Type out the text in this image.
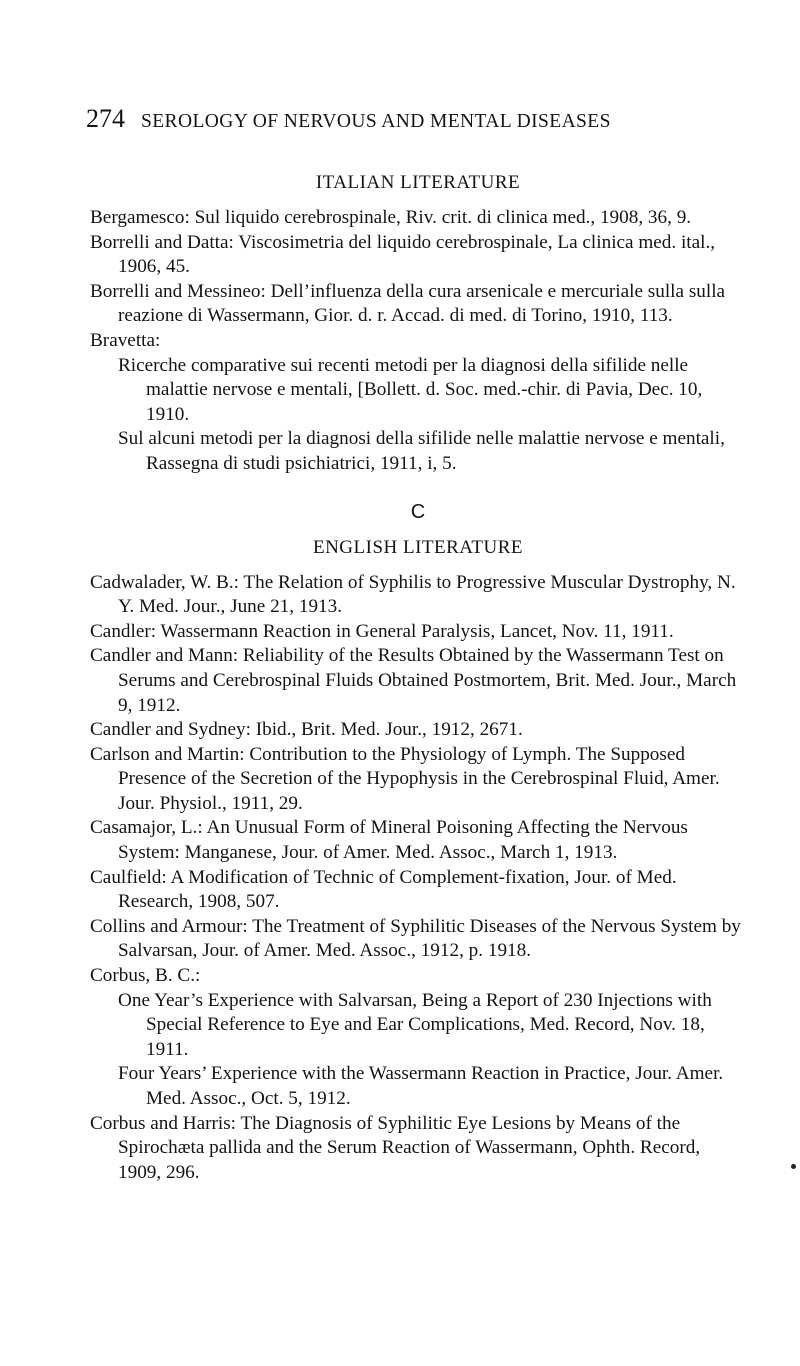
274 SEROLOGY OF NERVOUS AND MENTAL DISEASES
ITALIAN LITERATURE
Bergamesco: Sul liquido cerebrospinale, Riv. crit. di clinica med., 1908, 36, 9.
Borrelli and Datta: Viscosimetria del liquido cerebrospinale, La clinica med. ital., 1906, 45.
Borrelli and Messineo: Dell’influenza della cura arsenicale e mercuriale sulla sulla reazione di Wassermann, Gior. d. r. Accad. di med. di Torino, 1910, 113.
Bravetta:
Ricerche comparative sui recenti metodi per la diagnosi della sifilide nelle malattie nervose e mentali, [Bollett. d. Soc. med.-chir. di Pavia, Dec. 10, 1910.
Sul alcuni metodi per la diagnosi della sifilide nelle malattie nervose e mentali, Rassegna di studi psichiatrici, 1911, i, 5.
C
ENGLISH LITERATURE
Cadwalader, W. B.: The Relation of Syphilis to Progressive Muscular Dystrophy, N. Y. Med. Jour., June 21, 1913.
Candler: Wassermann Reaction in General Paralysis, Lancet, Nov. 11, 1911.
Candler and Mann: Reliability of the Results Obtained by the Wassermann Test on Serums and Cerebrospinal Fluids Obtained Postmortem, Brit. Med. Jour., March 9, 1912.
Candler and Sydney: Ibid., Brit. Med. Jour., 1912, 2671.
Carlson and Martin: Contribution to the Physiology of Lymph. The Supposed Presence of the Secretion of the Hypophysis in the Cerebrospinal Fluid, Amer. Jour. Physiol., 1911, 29.
Casamajor, L.: An Unusual Form of Mineral Poisoning Affecting the Nervous System: Manganese, Jour. of Amer. Med. Assoc., March 1, 1913.
Caulfield: A Modification of Technic of Complement-fixation, Jour. of Med. Research, 1908, 507.
Collins and Armour: The Treatment of Syphilitic Diseases of the Nervous System by Salvarsan, Jour. of Amer. Med. Assoc., 1912, p. 1918.
Corbus, B. C.:
One Year’s Experience with Salvarsan, Being a Report of 230 Injections with Special Reference to Eye and Ear Complications, Med. Record, Nov. 18, 1911.
Four Years’ Experience with the Wassermann Reaction in Practice, Jour. Amer. Med. Assoc., Oct. 5, 1912.
Corbus and Harris: The Diagnosis of Syphilitic Eye Lesions by Means of the Spirochæta pallida and the Serum Reaction of Wassermann, Ophth. Record, 1909, 296.
